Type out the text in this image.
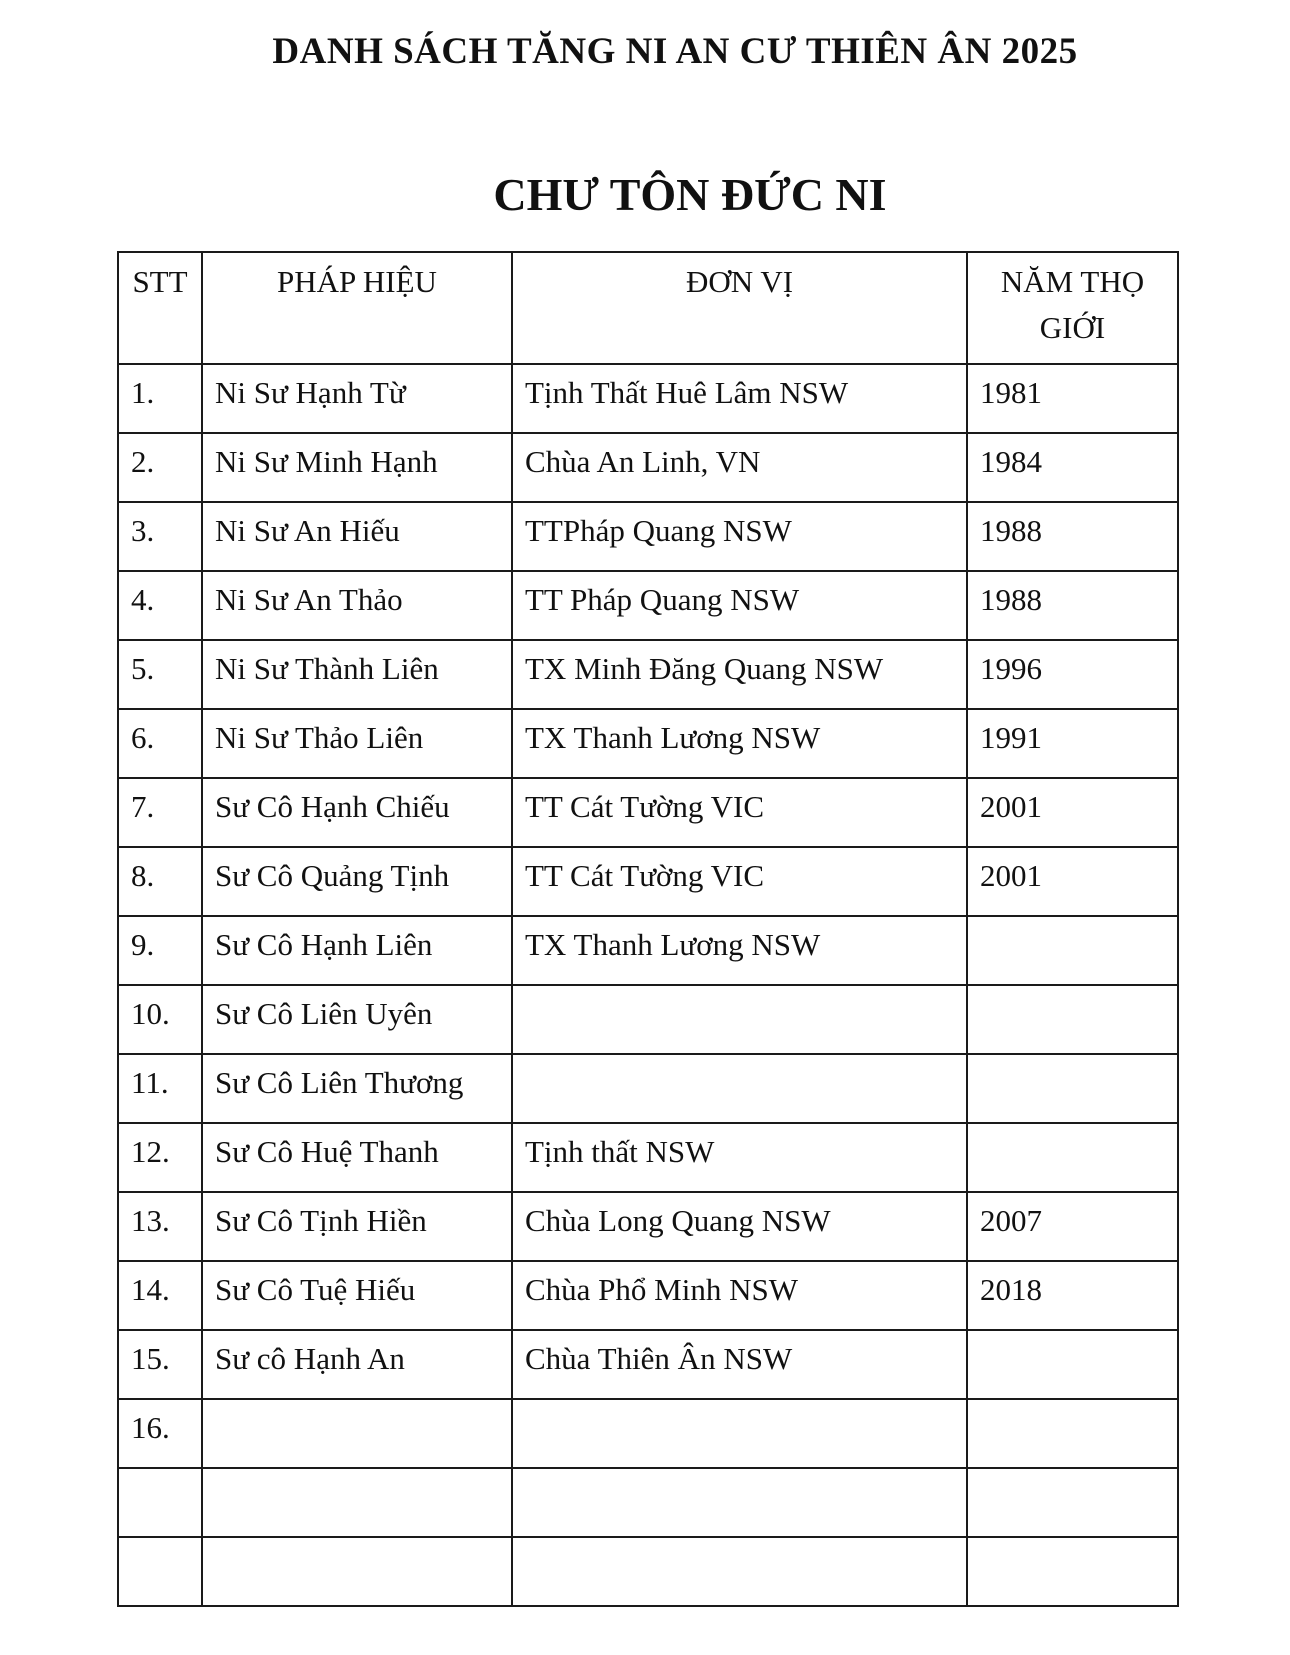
DANH SÁCH TĂNG NI AN CƯ THIÊN ÂN 2025
CHƯ TÔN ĐỨC NI
STT	PHÁP HIỆU	ĐƠN VỊ	NĂM THỌ
GIỚI

1.	Ni Sư Hạnh Từ	Tịnh Thất Huê Lâm NSW	1981
2.	Ni Sư Minh Hạnh	Chùa An Linh, VN	1984
3.	Ni Sư An Hiếu	TTPháp Quang NSW	1988
4.	Ni Sư An Thảo	TT Pháp Quang NSW	1988
5.	Ni Sư Thành Liên	TX Minh Đăng Quang NSW	1996
6.	Ni Sư Thảo Liên	TX Thanh Lương NSW	1991
7.	Sư Cô Hạnh Chiếu	TT Cát Tường VIC	2001
8.	Sư Cô Quảng Tịnh	TT Cát Tường VIC	2001
9.	Sư Cô Hạnh Liên	TX Thanh Lương NSW	
10.	Sư Cô Liên Uyên		
11.	Sư Cô Liên Thương		
12.	Sư Cô Huệ Thanh	Tịnh thất NSW	
13.	Sư Cô Tịnh Hiền	Chùa Long Quang NSW	2007
14.	Sư Cô Tuệ Hiếu	Chùa Phổ Minh NSW	2018
15.	Sư cô Hạnh An	Chùa Thiên Ân NSW	
16.			
